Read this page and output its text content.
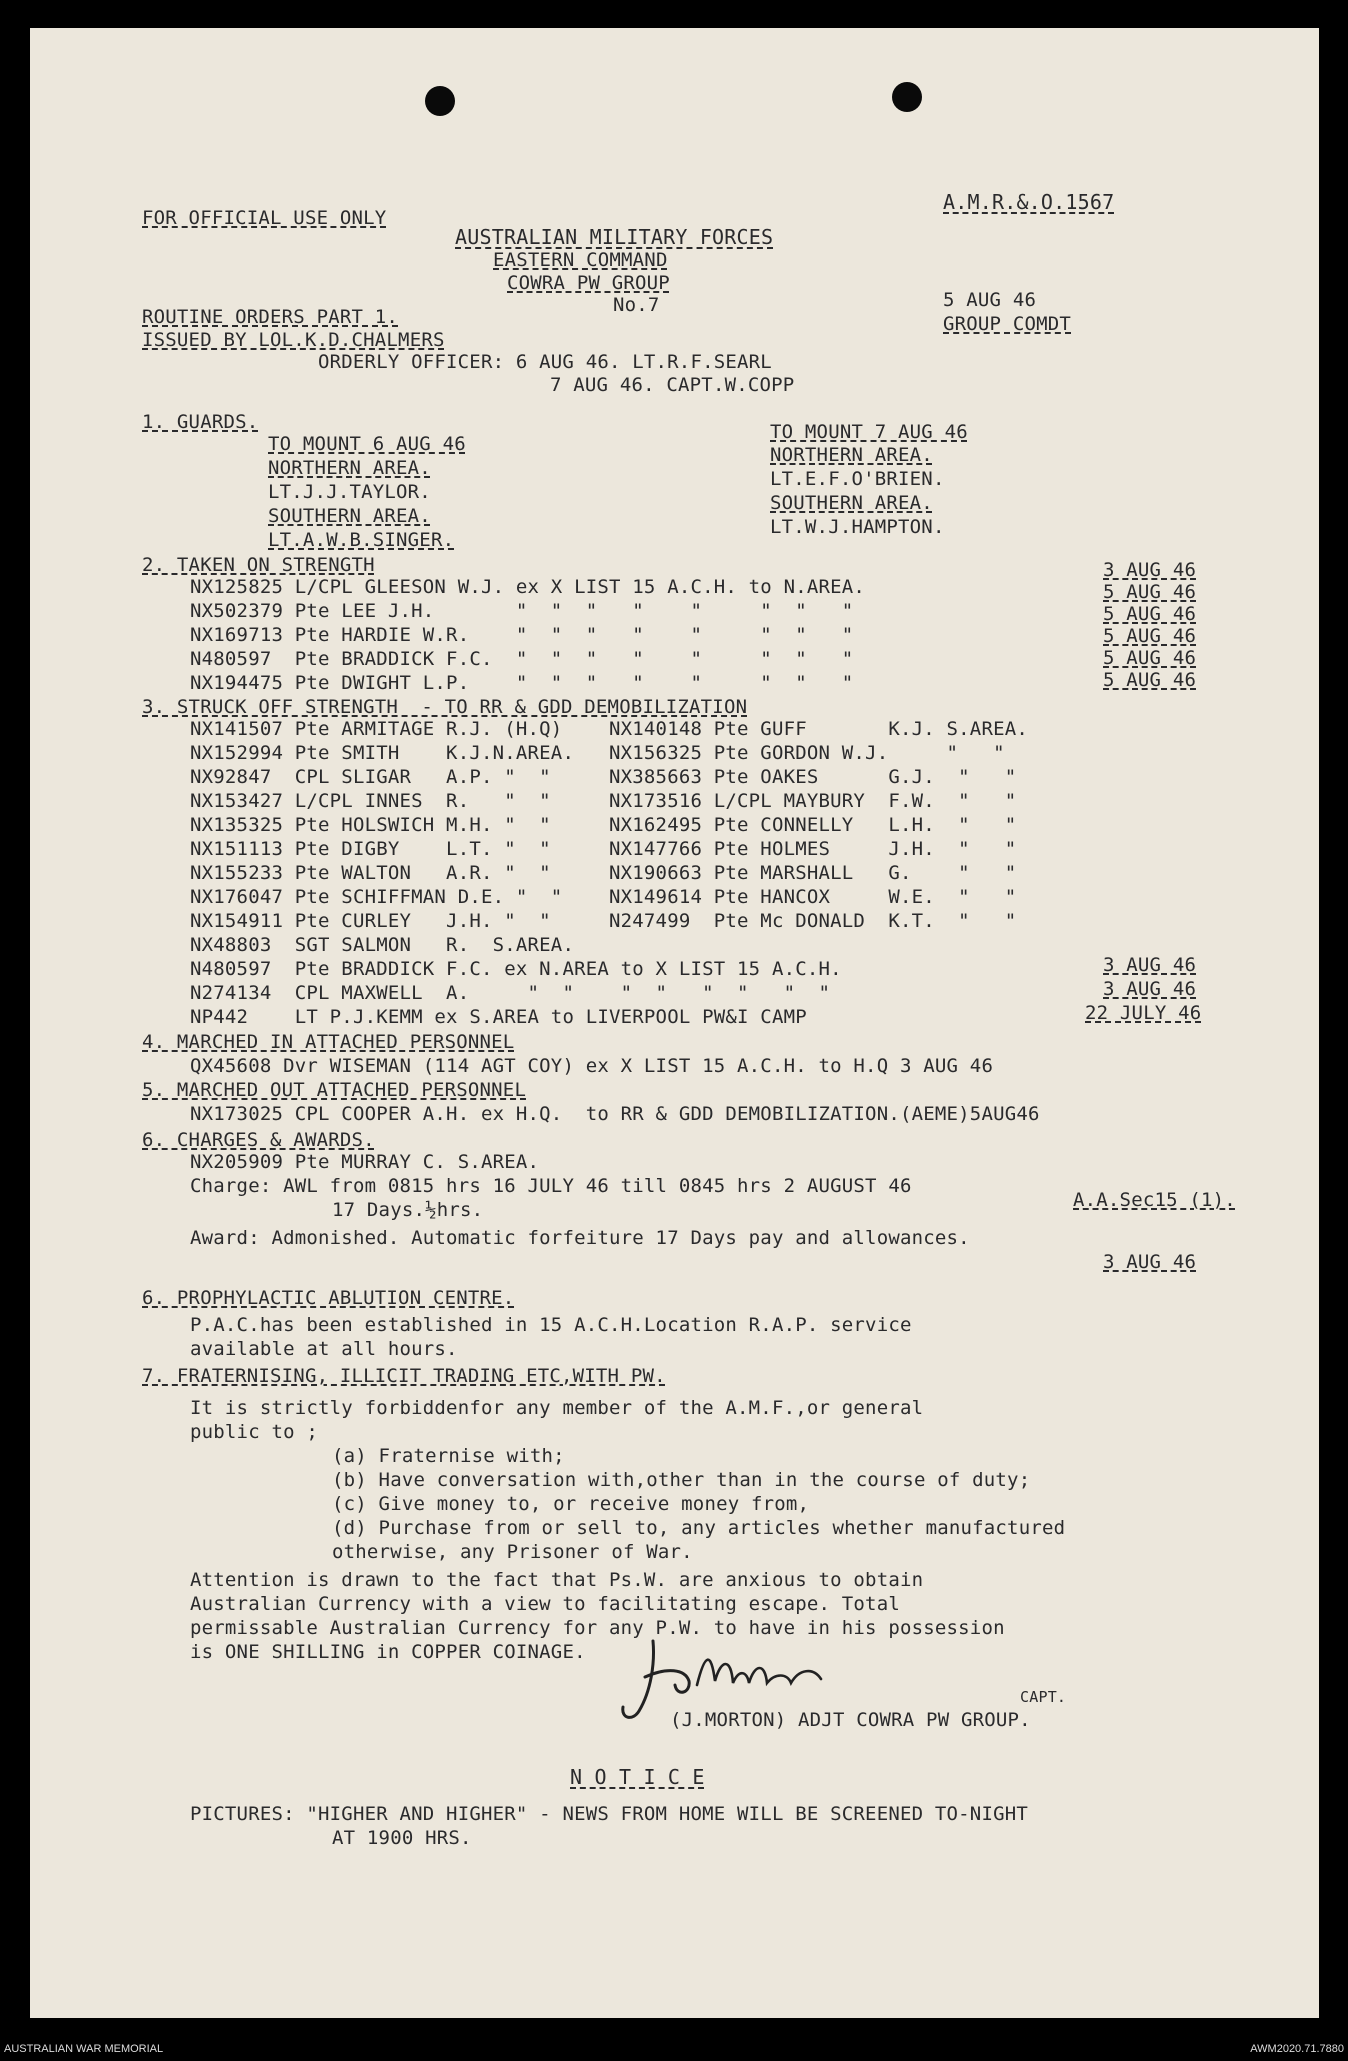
FOR OFFICIAL USE ONLY
A.M.R.&.O.1567
AUSTRALIAN MILITARY FORCES
EASTERN COMMAND
COWRA PW GROUP
No.7
ROUTINE ORDERS PART 1.
5 AUG 46
ISSUED BY LOL.K.D.CHALMERS
GROUP COMDT
ORDERLY OFFICER: 6 AUG 46. LT.R.F.SEARL
7 AUG 46. CAPT.W.COPP
1. GUARDS.
TO MOUNT 6 AUG 46
NORTHERN AREA.
LT.J.J.TAYLOR.
SOUTHERN AREA.
LT.A.W.B.SINGER.
TO MOUNT 7 AUG 46
NORTHERN AREA.
LT.E.F.O'BRIEN.
SOUTHERN AREA.
LT.W.J.HAMPTON.
2. TAKEN ON STRENGTH
NX125825 L/CPL GLEESON W.J. ex X LIST 15 A.C.H. to N.AREA.
NX502379 Pte LEE J.H.       "  "  "   "    "     "  "   "
NX169713 Pte HARDIE W.R.    "  "  "   "    "     "  "   "
N480597  Pte BRADDICK F.C.  "  "  "   "    "     "  "   "
NX194475 Pte DWIGHT L.P.    "  "  "   "    "     "  "   "
3 AUG 46
5 AUG 46
5 AUG 46
5 AUG 46
5 AUG 46
5 AUG 46
3. STRUCK OFF STRENGTH  - TO RR & GDD DEMOBILIZATION
NX141507 Pte ARMITAGE R.J. (H.Q)    NX140148 Pte GUFF       K.J. S.AREA.
NX152994 Pte SMITH    K.J.N.AREA.   NX156325 Pte GORDON W.J.     "   "
NX92847  CPL SLIGAR   A.P. "  "     NX385663 Pte OAKES      G.J.  "   "
NX153427 L/CPL INNES  R.   "  "     NX173516 L/CPL MAYBURY  F.W.  "   "
NX135325 Pte HOLSWICH M.H. "  "     NX162495 Pte CONNELLY   L.H.  "   "
NX151113 Pte DIGBY    L.T. "  "     NX147766 Pte HOLMES     J.H.  "   "
NX155233 Pte WALTON   A.R. "  "     NX190663 Pte MARSHALL   G.    "   "
NX176047 Pte SCHIFFMAN D.E. "  "    NX149614 Pte HANCOX     W.E.  "   "
NX154911 Pte CURLEY   J.H. "  "     N247499  Pte Mc DONALD  K.T.  "   "
NX48803  SGT SALMON   R.  S.AREA.
N480597  Pte BRADDICK F.C. ex N.AREA to X LIST 15 A.C.H.
N274134  CPL MAXWELL  A.     "  "    "  "   "  "   "  "
NP442    LT P.J.KEMM ex S.AREA to LIVERPOOL PW&I CAMP
3 AUG 46
3 AUG 46
22 JULY 46
4. MARCHED IN ATTACHED PERSONNEL
QX45608 Dvr WISEMAN (114 AGT COY) ex X LIST 15 A.C.H. to H.Q 3 AUG 46
5. MARCHED OUT ATTACHED PERSONNEL
NX173025 CPL COOPER A.H. ex H.Q.  to RR & GDD DEMOBILIZATION.(AEME)5AUG46
6. CHARGES & AWARDS.
NX205909 Pte MURRAY C. S.AREA.
Charge: AWL from 0815 hrs 16 JULY 46 till 0845 hrs 2 AUGUST 46
17 Days.½hrs.	A.A.Sec15 (1).
Award: Admonished. Automatic forfeiture 17 Days pay and allowances.
3 AUG 46
6. PROPHYLACTIC ABLUTION CENTRE.
P.A.C.has been established in 15 A.C.H.Location R.A.P. service
available at all hours.
7. FRATERNISING, ILLICIT TRADING ETC,WITH PW.
It is strictly forbiddenfor any member of the A.M.F.,or general
public to ;
(a) Fraternise with;
(b) Have conversation with,other than in the course of duty;
(c) Give money to, or receive money from,
(d) Purchase from or sell to, any articles whether manufactured
otherwise, any Prisoner of War.
Attention is drawn to the fact that Ps.W. are anxious to obtain
Australian Currency with a view to facilitating escape. Total
permissable Australian Currency for any P.W. to have in his possession
is ONE SHILLING in COPPER COINAGE.
CAPT.
(J.MORTON) ADJT COWRA PW GROUP.
N O T I C E
PICTURES: "HIGHER AND HIGHER" - NEWS FROM HOME WILL BE SCREENED TO-NIGHT
AT 1900 HRS.
AUSTRALIAN WAR MEMORIAL	AWM2020.71.7880
